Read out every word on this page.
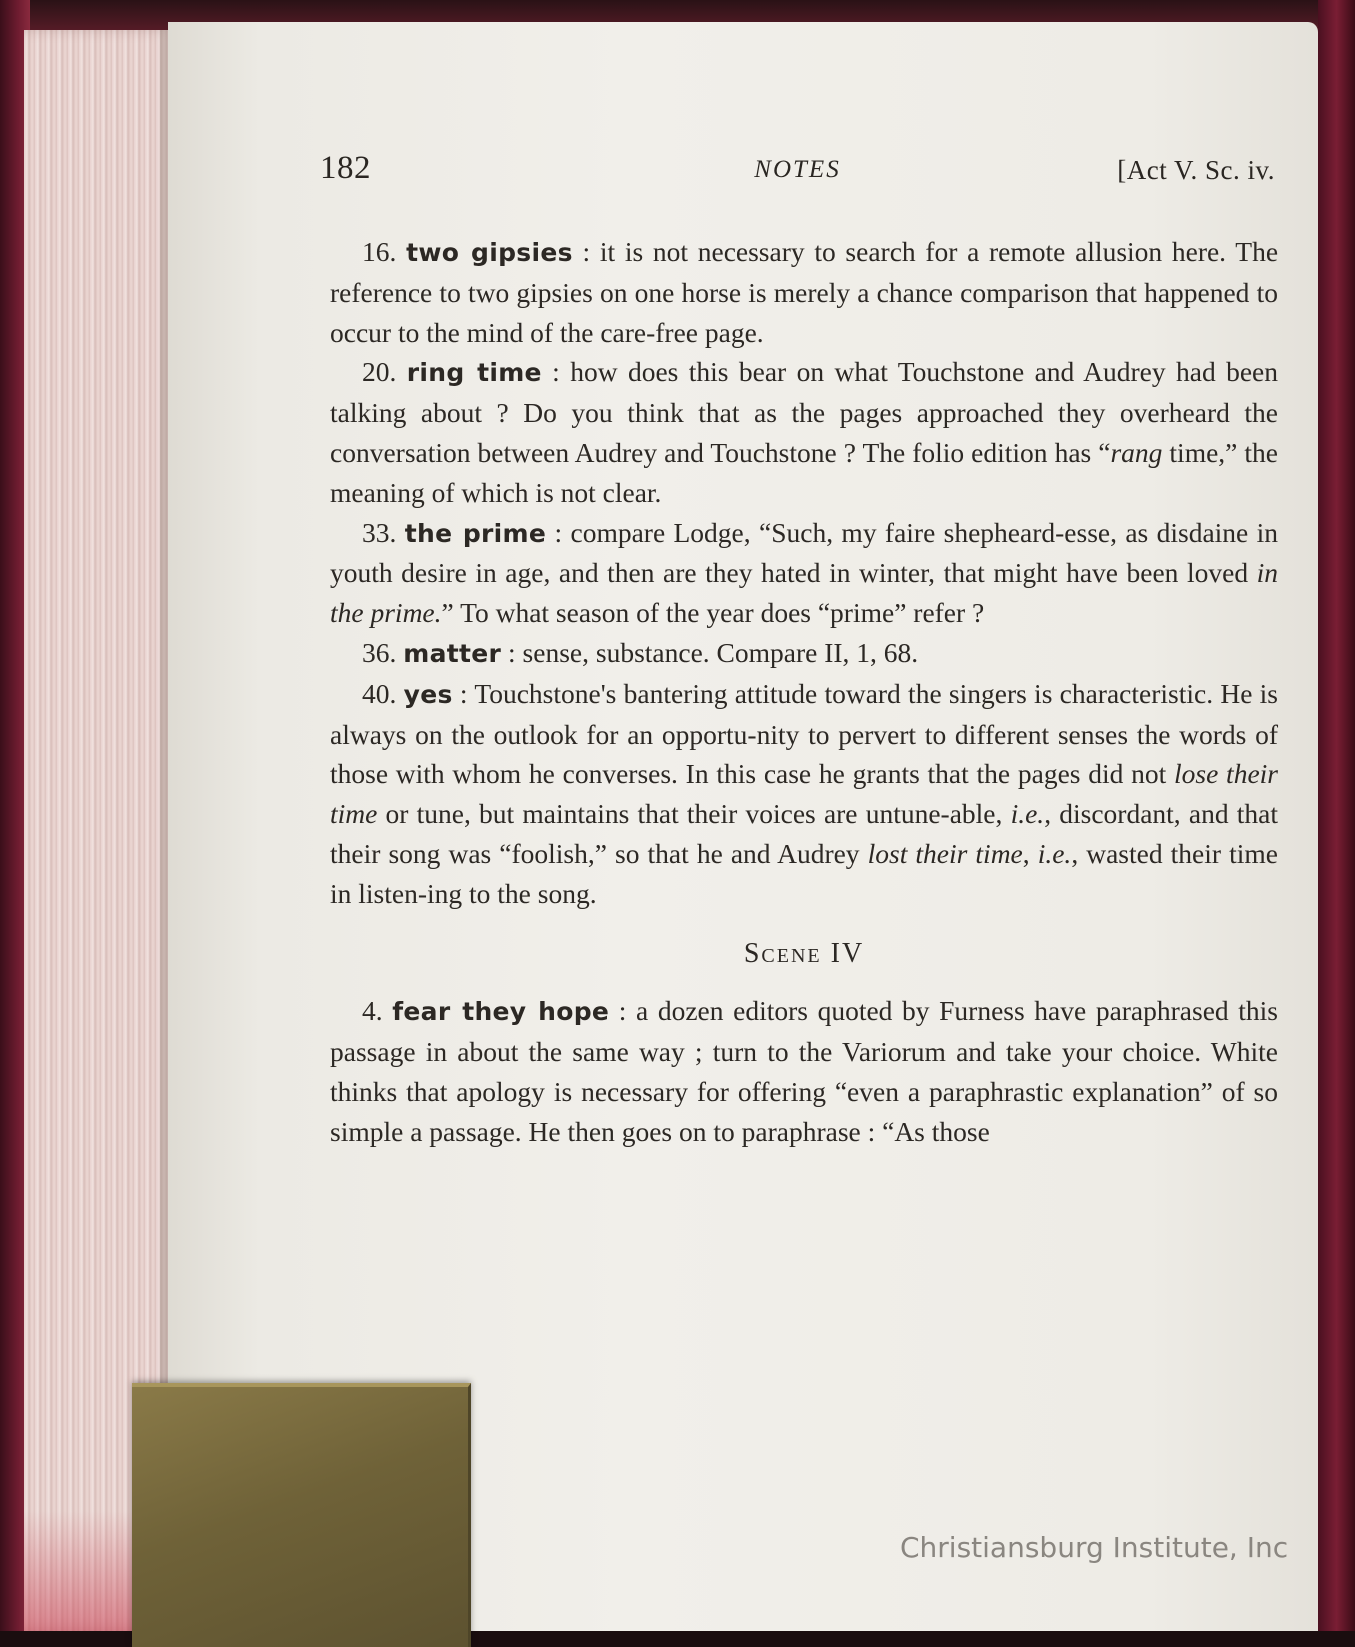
182	NOTES	[Act V. Sc. iv.

16. two gipsies : it is not necessary to search for a remote allusion here. The reference to two gipsies on one horse is merely a chance comparison that happened to occur to the mind of the care-free page.

20. ring time : how does this bear on what Touchstone and Audrey had been talking about ? Do you think that as the pages approached they overheard the conversation between Audrey and Touchstone ? The folio edition has “rang time,” the meaning of which is not clear.

33. the prime : compare Lodge, “Such, my faire shepheard-esse, as disdaine in youth desire in age, and then are they hated in winter, that might have been loved in the prime.” To what season of the year does “prime” refer ?

36. matter : sense, substance. Compare II, 1, 68.

40. yes : Touchstone's bantering attitude toward the singers is characteristic. He is always on the outlook for an opportu-nity to pervert to different senses the words of those with whom he converses. In this case he grants that the pages did not lose their time or tune, but maintains that their voices are untune-able, i.e., discordant, and that their song was “foolish,” so that he and Audrey lost their time, i.e., wasted their time in listen-ing to the song.

Scene IV

4. fear they hope : a dozen editors quoted by Furness have paraphrased this passage in about the same way ; turn to the Variorum and take your choice. White thinks that apology is necessary for offering “even a paraphrastic explanation” of so simple a passage. He then goes on to paraphrase : “As those

Christiansburg Institute, Inc
